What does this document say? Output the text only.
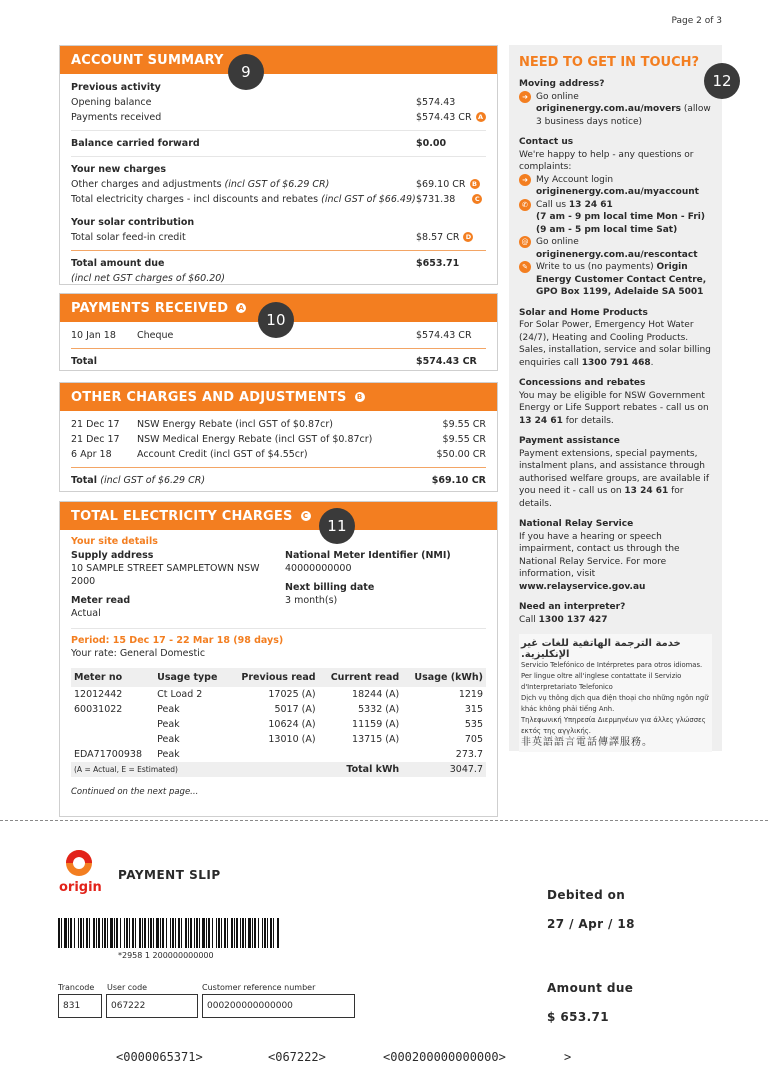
Page 2 of 3
ACCOUNT SUMMARY
9
Previous activity
Opening balance	$574.43
Payments received	$574.43 CR A
Balance carried forward	$0.00
Your new charges
Other charges and adjustments (incl GST of $6.29 CR)	$69.10 CR B
Total electricity charges - incl discounts and rebates (incl GST of $66.49) $731.38	C
Your solar contribution
Total solar feed-in credit	$8.57 CR D
Total amount due	$653.71
(incl net GST charges of $60.20)
PAYMENTS RECEIVED A
10
10 Jan 18	Cheque	$574.43 CR
Total	$574.43 CR
OTHER CHARGES AND ADJUSTMENTS B
21 Dec 17	NSW Energy Rebate (incl GST of $0.87cr)	$9.55 CR
21 Dec 17	NSW Medical Energy Rebate (incl GST of $0.87cr)	$9.55 CR
6 Apr 18	Account Credit (incl GST of $4.55cr)	$50.00 CR
Total (incl GST of $6.29 CR)	$69.10 CR
TOTAL ELECTRICITY CHARGES C
11
Your site details
Supply address
10 SAMPLE STREET SAMPLETOWN NSW 2000
Meter read
Actual
National Meter Identifier (NMI)
40000000000
Next billing date
3 month(s)
Period: 15 Dec 17 - 22 Mar 18 (98 days)
Your rate: General Domestic
Meter no	Usage type	Previous read	Current read	Usage (kWh)
12012442	Ct Load 2	17025 (A)	18244 (A)	1219
60031022	Peak	5017 (A)	5332 (A)	315
	Peak	10624 (A)	11159 (A)	535
	Peak	13010 (A)	13715 (A)	705
EDA71700938	Peak			273.7
(A = Actual, E = Estimated)			Total kWh	3047.7
Continued on the next page...
NEED TO GET IN TOUCH?
12
Moving address?
➜ Go online
originenergy.com.au/movers (allow 3 business days notice)
Contact us
We're happy to help - any questions or complaints:
➜ My Account login
originenergy.com.au/myaccount
✆ Call us 13 24 61
(7 am - 9 pm local time Mon - Fri)
(9 am - 5 pm local time Sat)
@ Go online
originenergy.com.au/rescontact
✎ Write to us (no payments) Origin Energy Customer Contact Centre, GPO Box 1199, Adelaide SA 5001
Solar and Home Products
For Solar Power, Emergency Hot Water (24/7), Heating and Cooling Products. Sales, installation, service and solar billing enquiries call 1300 791 468.
Concessions and rebates
You may be eligible for NSW Government Energy or Life Support rebates - call us on 13 24 61 for details.
Payment assistance
Payment extensions, special payments, instalment plans, and assistance through authorised welfare groups, are available if you need it - call us on 13 24 61 for details.
National Relay Service
If you have a hearing or speech impairment, contact us through the National Relay Service. For more information, visit
www.relayservice.gov.au
Need an interpreter?
Call 1300 137 427
خدمة الترجمة الهاتفية للغات غير الإنكليزية.
Servicio Telefónico de Intérpretes para otros idiomas.
Per lingue oltre all'inglese contattate il Servizio d'Interpretariato Telefonico
Dịch vụ thông dịch qua điện thoại cho những ngôn ngữ khác không phải tiếng Anh.
Τηλεφωνική Υπηρεσία Διερμηνέων για άλλες γλώσσες εκτός της αγγλικής.
非英語語言電話傳譯服務。
origin
PAYMENT SLIP
*2958 1 200000000000
Trancode User code	Customer reference number
831	067222	000200000000000
Debited on
27 / Apr / 18
Amount due
$ 653.71
<0000065371>	<067222>	<000200000000000>	>
